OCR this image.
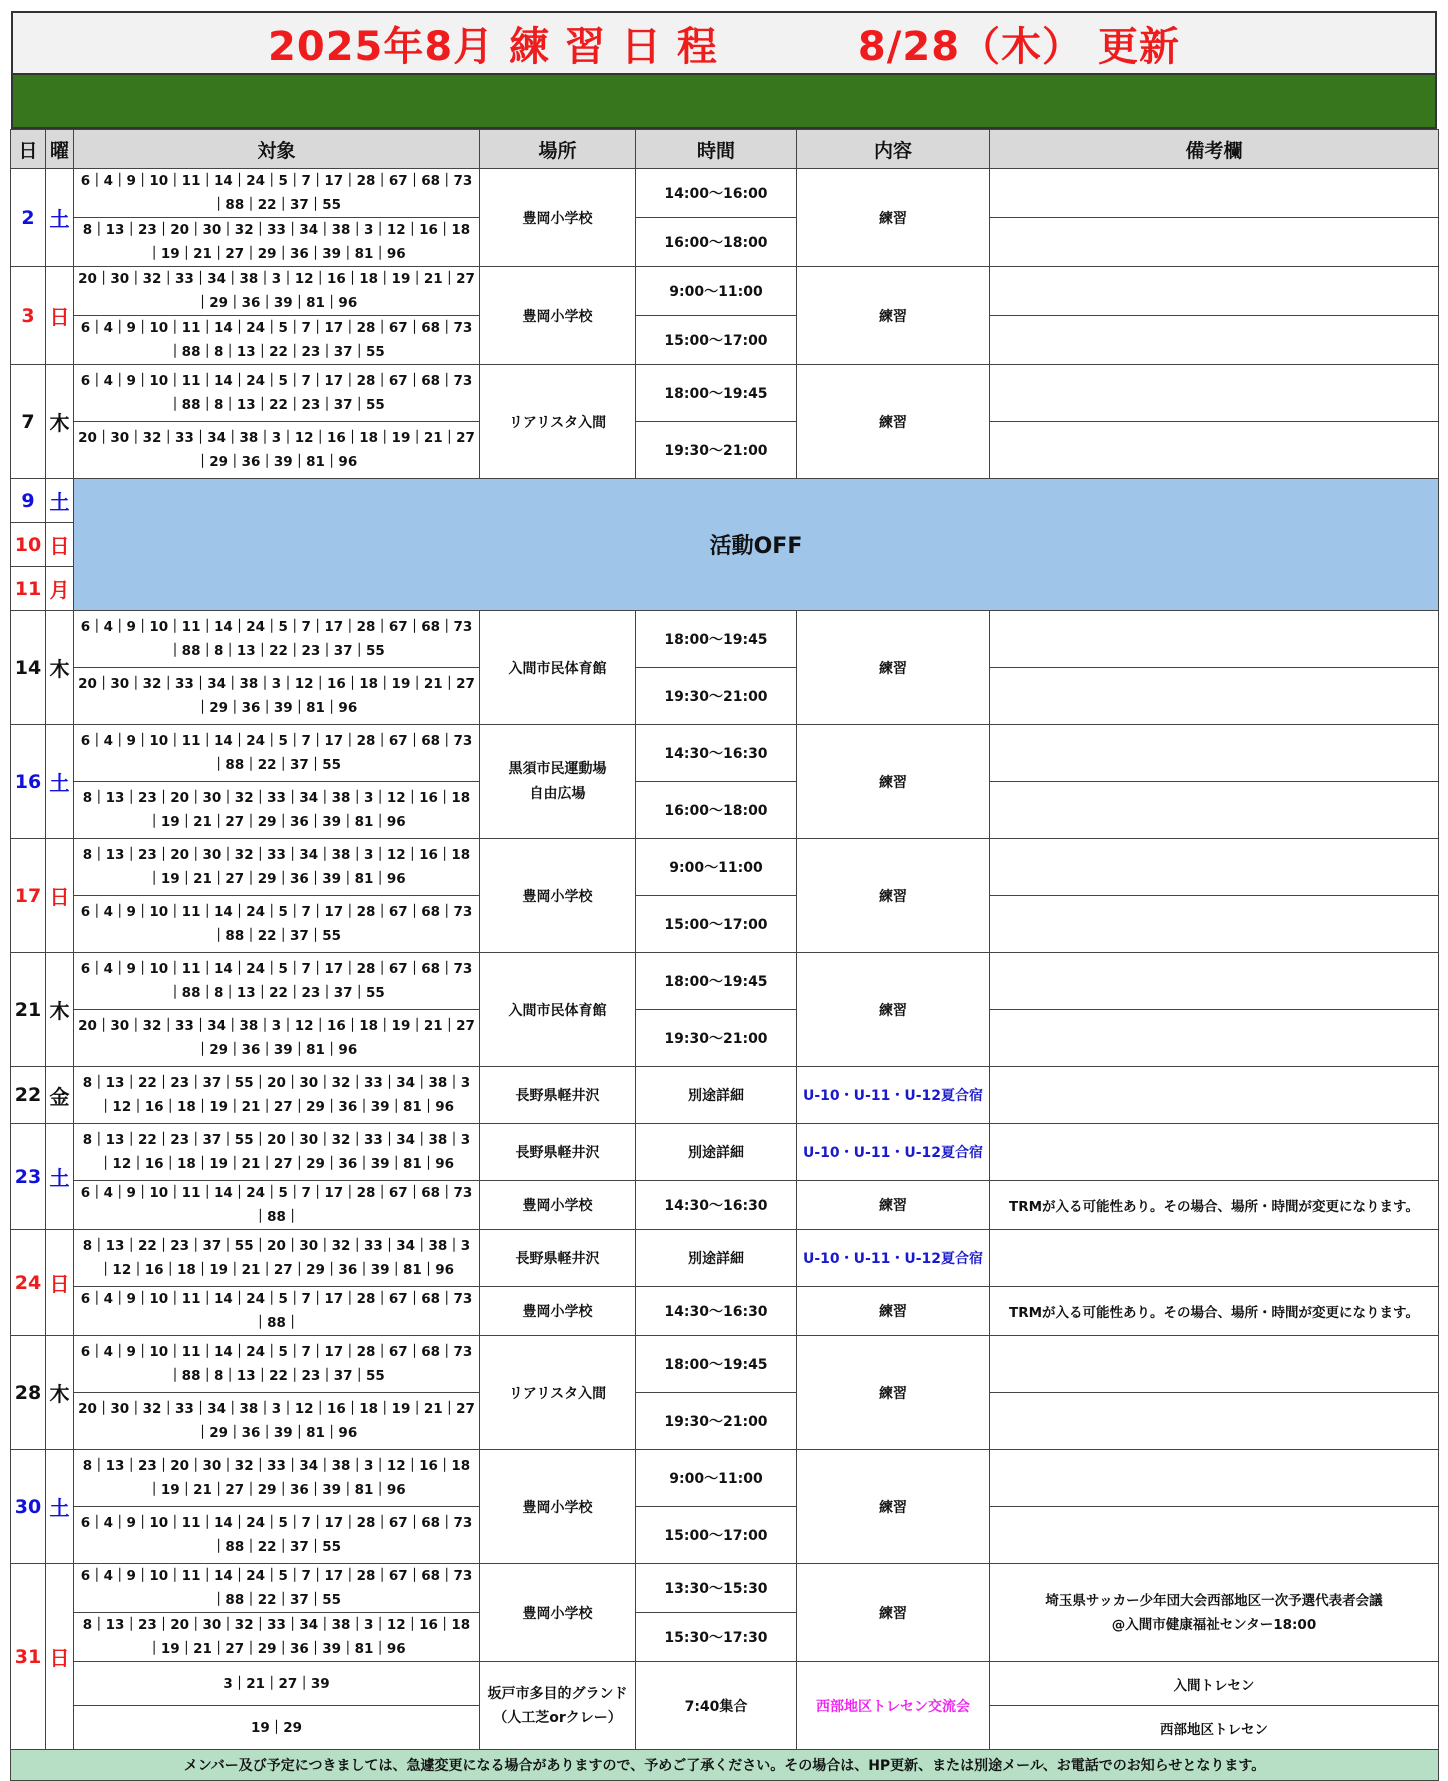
2025年8月 練 習 日 程	8/28（木） 更新
日	曜	対象	場所	時間	内容	備考欄
2	土	6｜4｜9｜10｜11｜14｜24｜5｜7｜17｜28｜67｜68｜73｜88｜22｜37｜55	豊岡小学校	14:00〜16:00	練習	
		8｜13｜23｜20｜30｜32｜33｜34｜38｜3｜12｜16｜18｜19｜21｜27｜29｜36｜39｜81｜96		16:00〜18:00		
3	日	20｜30｜32｜33｜34｜38｜3｜12｜16｜18｜19｜21｜27｜29｜36｜39｜81｜96	豊岡小学校	9:00〜11:00	練習	
		6｜4｜9｜10｜11｜14｜24｜5｜7｜17｜28｜67｜68｜73｜88｜8｜13｜22｜23｜37｜55		15:00〜17:00		
7	木	6｜4｜9｜10｜11｜14｜24｜5｜7｜17｜28｜67｜68｜73｜88｜8｜13｜22｜23｜37｜55	リアリスタ入間	18:00〜19:45	練習	
		20｜30｜32｜33｜34｜38｜3｜12｜16｜18｜19｜21｜27｜29｜36｜39｜81｜96		19:30〜21:00		
9	土	活動OFF				
10	日					
11	月					
14	木	6｜4｜9｜10｜11｜14｜24｜5｜7｜17｜28｜67｜68｜73｜88｜8｜13｜22｜23｜37｜55	入間市民体育館	18:00〜19:45	練習	
		20｜30｜32｜33｜34｜38｜3｜12｜16｜18｜19｜21｜27｜29｜36｜39｜81｜96		19:30〜21:00		
16	土	6｜4｜9｜10｜11｜14｜24｜5｜7｜17｜28｜67｜68｜73｜88｜22｜37｜55	黒須市民運動場
自由広場	14:30〜16:30	練習	
		8｜13｜23｜20｜30｜32｜33｜34｜38｜3｜12｜16｜18｜19｜21｜27｜29｜36｜39｜81｜96		16:00〜18:00		
17	日	8｜13｜23｜20｜30｜32｜33｜34｜38｜3｜12｜16｜18｜19｜21｜27｜29｜36｜39｜81｜96	豊岡小学校	9:00〜11:00	練習	
		6｜4｜9｜10｜11｜14｜24｜5｜7｜17｜28｜67｜68｜73｜88｜22｜37｜55		15:00〜17:00		
21	木	6｜4｜9｜10｜11｜14｜24｜5｜7｜17｜28｜67｜68｜73｜88｜8｜13｜22｜23｜37｜55	入間市民体育館	18:00〜19:45	練習	
		20｜30｜32｜33｜34｜38｜3｜12｜16｜18｜19｜21｜27｜29｜36｜39｜81｜96		19:30〜21:00		
22	金	8｜13｜22｜23｜37｜55｜20｜30｜32｜33｜34｜38｜3｜12｜16｜18｜19｜21｜27｜29｜36｜39｜81｜96	長野県軽井沢	別途詳細	U-10・U-11・U-12夏合宿	
23	土	8｜13｜22｜23｜37｜55｜20｜30｜32｜33｜34｜38｜3｜12｜16｜18｜19｜21｜27｜29｜36｜39｜81｜96	長野県軽井沢	別途詳細	U-10・U-11・U-12夏合宿	
		6｜4｜9｜10｜11｜14｜24｜5｜7｜17｜28｜67｜68｜73｜88｜	豊岡小学校	14:30〜16:30	練習	TRMが入る可能性あり。その場合、場所・時間が変更になります。
24	日	8｜13｜22｜23｜37｜55｜20｜30｜32｜33｜34｜38｜3｜12｜16｜18｜19｜21｜27｜29｜36｜39｜81｜96	長野県軽井沢	別途詳細	U-10・U-11・U-12夏合宿	
		6｜4｜9｜10｜11｜14｜24｜5｜7｜17｜28｜67｜68｜73｜88｜	豊岡小学校	14:30〜16:30	練習	TRMが入る可能性あり。その場合、場所・時間が変更になります。
28	木	6｜4｜9｜10｜11｜14｜24｜5｜7｜17｜28｜67｜68｜73｜88｜8｜13｜22｜23｜37｜55	リアリスタ入間	18:00〜19:45	練習	
		20｜30｜32｜33｜34｜38｜3｜12｜16｜18｜19｜21｜27｜29｜36｜39｜81｜96		19:30〜21:00		
30	土	8｜13｜23｜20｜30｜32｜33｜34｜38｜3｜12｜16｜18｜19｜21｜27｜29｜36｜39｜81｜96	豊岡小学校	9:00〜11:00	練習	
		6｜4｜9｜10｜11｜14｜24｜5｜7｜17｜28｜67｜68｜73｜88｜22｜37｜55		15:00〜17:00		
31	日	6｜4｜9｜10｜11｜14｜24｜5｜7｜17｜28｜67｜68｜73｜88｜22｜37｜55	豊岡小学校	13:30〜15:30	練習	埼玉県サッカー少年団大会西部地区一次予選代表者会議
@入間市健康福祉センター18:00
		8｜13｜23｜20｜30｜32｜33｜34｜38｜3｜12｜16｜18｜19｜21｜27｜29｜36｜39｜81｜96		15:30〜17:30		
		3｜21｜27｜39	坂戸市多目的グランド
（人工芝orクレー）	7:40集合	西部地区トレセン交流会	入間トレセン
		19｜29				西部地区トレセン
メンバー及び予定につきましては、急遽変更になる場合がありますので、予めご了承ください。その場合は、HP更新、または別途メール、お電話でのお知らせとなります。						
